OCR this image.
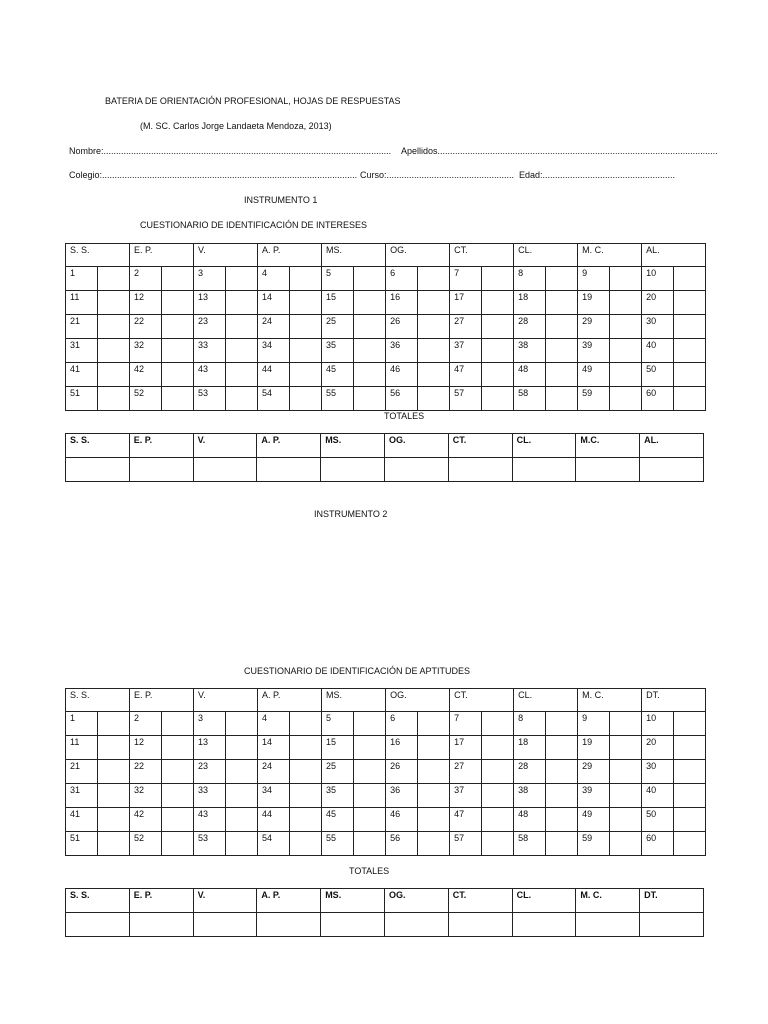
BATERIA DE ORIENTACIÓN PROFESIONAL, HOJAS DE RESPUESTAS
(M. SC. Carlos Jorge Landaeta Mendoza, 2013)
Nombre:...................................................................................................................	Apellidos................................................................................................................
Colegio:...................................................................................................... Curso:................................................... Edad:.....................................................
INSTRUMENTO 1
CUESTIONARIO DE IDENTIFICACIÓN DE INTERESES
S. S.		E. P.		V.		A. P.		MS.		OG.		CT.		CL.		M. C.		AL.	
1		2		3		4		5		6		7		8		9		10	
11		12		13		14		15		16		17		18		19		20	
21		22		23		24		25		26		27		28		29		30	
31		32		33		34		35		36		37		38		39		40	
41		42		43		44		45		46		47		48		49		50	
51		52		53		54		55		56		57		58		59		60	
TOTALES
S. S.	E. P.	V.	A. P.	MS.	OG.	CT.	CL.	M.C.	AL.

INSTRUMENTO 2
CUESTIONARIO DE IDENTIFICACIÓN DE APTITUDES
S. S.		E. P.		V.		A. P.		MS.		OG.		CT.		CL.		M. C.		DT.	
1		2		3		4		5		6		7		8		9		10	
11		12		13		14		15		16		17		18		19		20	
21		22		23		24		25		26		27		28		29		30	
31		32		33		34		35		36		37		38		39		40	
41		42		43		44		45		46		47		48		49		50	
51		52		53		54		55		56		57		58		59		60	
TOTALES
S. S.	E. P.	V.	A. P.	MS.	OG.	CT.	CL.	M. C.	DT.
